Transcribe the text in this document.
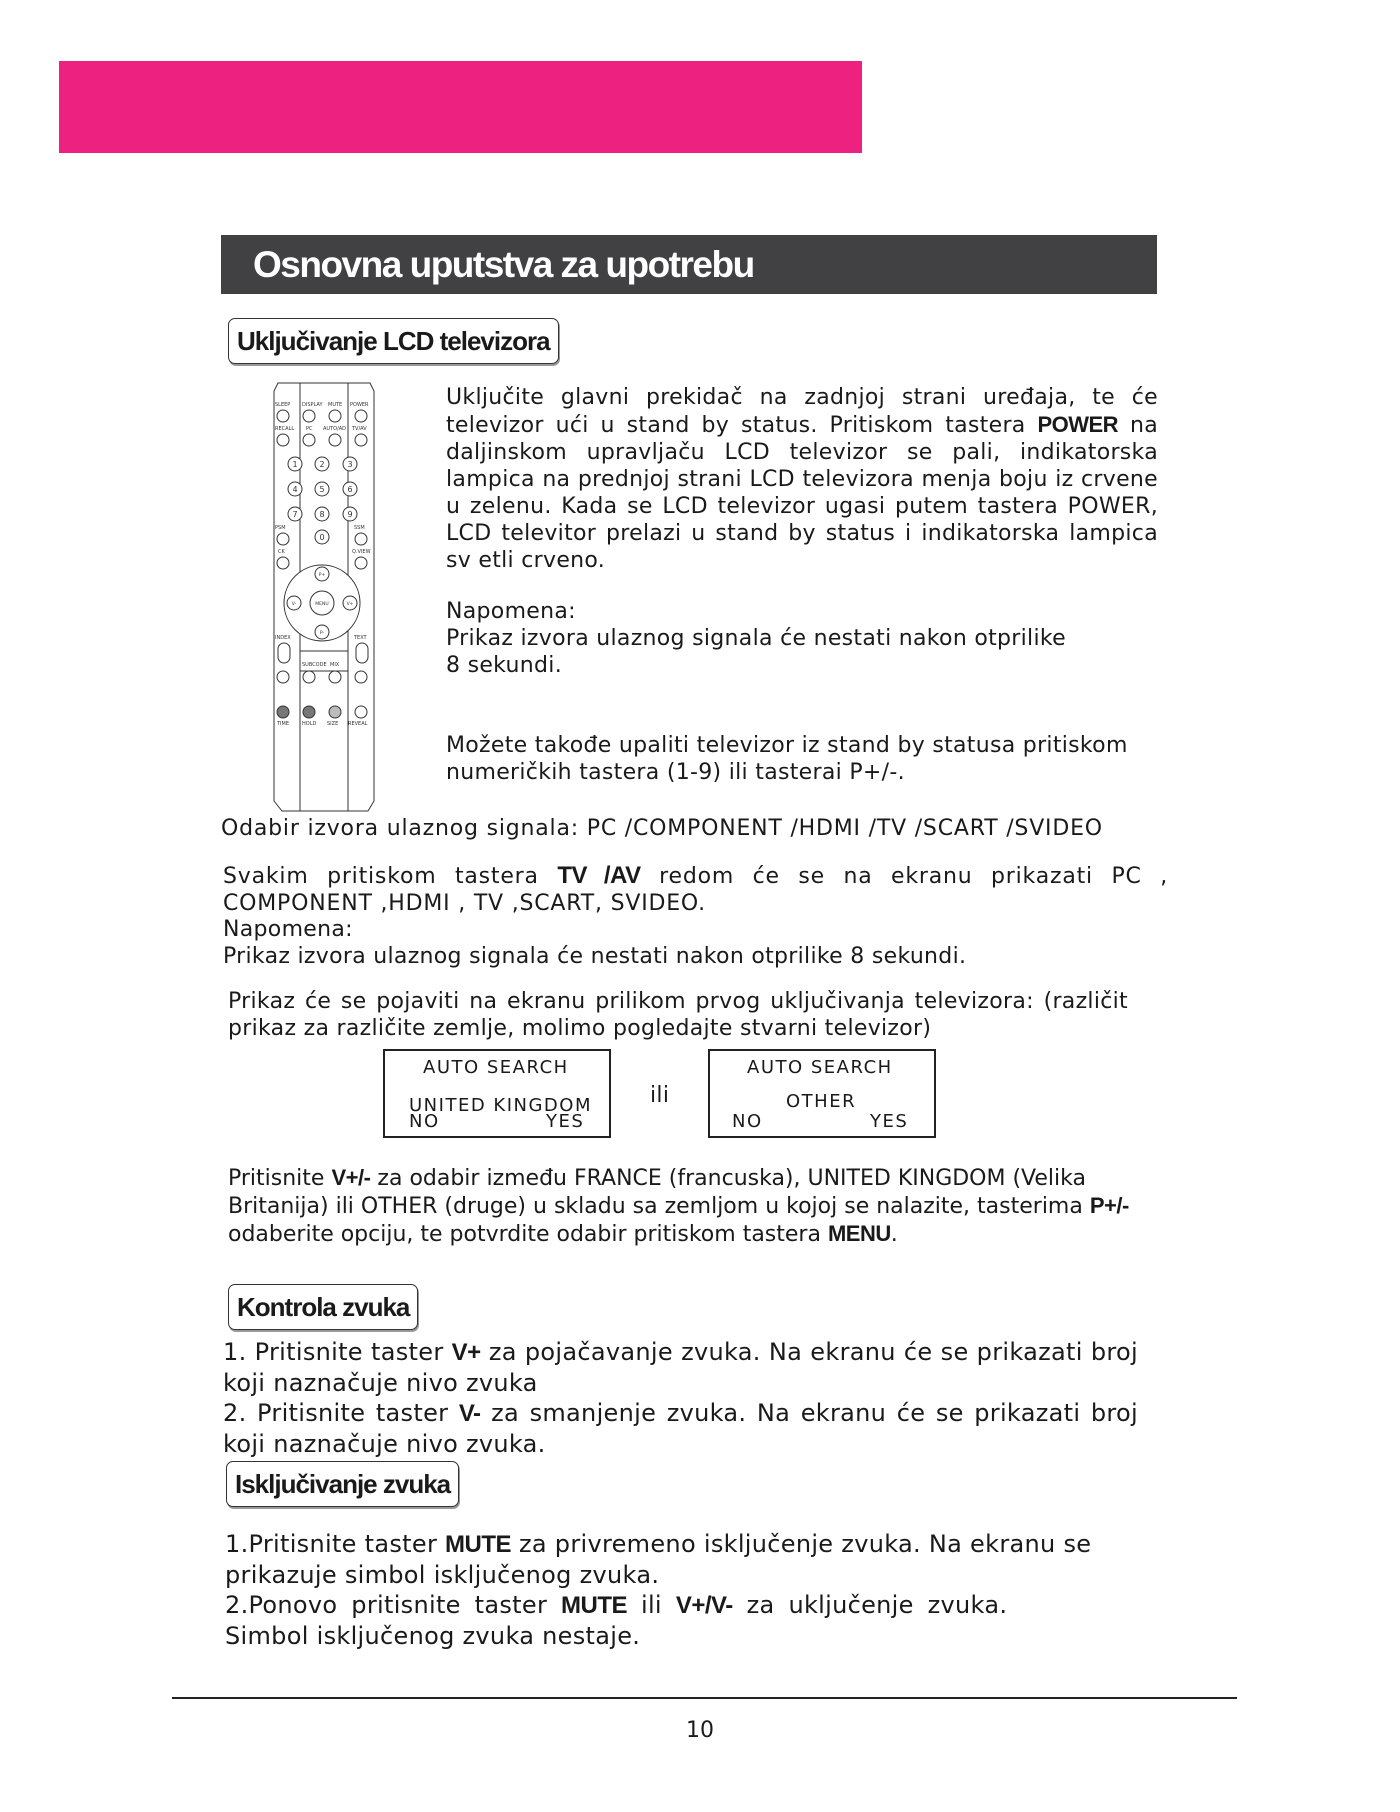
Osnovna uputstva za upotrebu
Uključivanje LCD televizora
SLEEP DISPLAY MUTE POWER
RECALL PC AUTO/AD TV/AV
PSM	SSM
CK	Q.VIEW
INDEX	TEXT
SUBCODE MIX
TIME	HOLD SIZE REVEAL
1	2	3
4	5	6
7	8	9
0
P+
P-
V-	V+
MENU
Uključite glavni prekidač na zadnjoj strani uređaja, te će televizor ući u stand by status. Pritiskom tastera POWER na daljinskom upravljaču LCD televizor se pali, indikatorska lampica na prednjoj strani LCD televizora menja boju iz crvene u zelenu. Kada se LCD televizor ugasi putem tastera POWER, LCD televitor prelazi u stand by status i indikatorska lampica sv etli crveno.

Napomena:

Prikaz izvora ulaznog signala će nestati nakon otprilike

8 sekundi.

Možete takođe upaliti televizor iz stand by statusa pritiskom numeričkih tastera (1-9) ili tasterai P+/-.
Odabir izvora ulaznog signala: PC /COMPONENT /HDMI /TV /SCART /SVIDEO
Svakim pritiskom tastera TV /AV redom će se na ekranu prikazati PC , COMPONENT ,HDMI , TV ,SCART, SVIDEO.

Napomena:

Prikaz izvora ulaznog signala će nestati nakon otprilike 8 sekundi.

Prikaz će se pojaviti na ekranu prilikom prvog uključivanja televizora: (različit prikaz za različite zemlje, molimo pogledajte stvarni televizor)
AUTO SEARCH
UNITED KINGDOM
NO	YES
ili
AUTO SEARCH
OTHER
NO	YES
Pritisnite V+/- za odabir između FRANCE (francuska), UNITED KINGDOM (Velika Britanija) ili OTHER (druge) u skladu sa zemljom u kojoj se nalazite, tasterima P+/- odaberite opciju, te potvrdite odabir pritiskom tastera MENU.
Kontrola zvuka

1. Pritisnite taster V+ za pojačavanje zvuka. Na ekranu će se prikazati broj koji naznačuje nivo zvuka

2. Pritisnite taster V- za smanjenje zvuka. Na ekranu će se prikazati broj koji naznačuje nivo zvuka.

Isključivanje zvuka

1.Pritisnite taster MUTE za privremeno isključenje zvuka. Na ekranu se prikazuje simbol isključenog zvuka.

2.Ponovo pritisnite taster MUTE ili V+/V- za uključenje zvuka.

Simbol isključenog zvuka nestaje.

10
